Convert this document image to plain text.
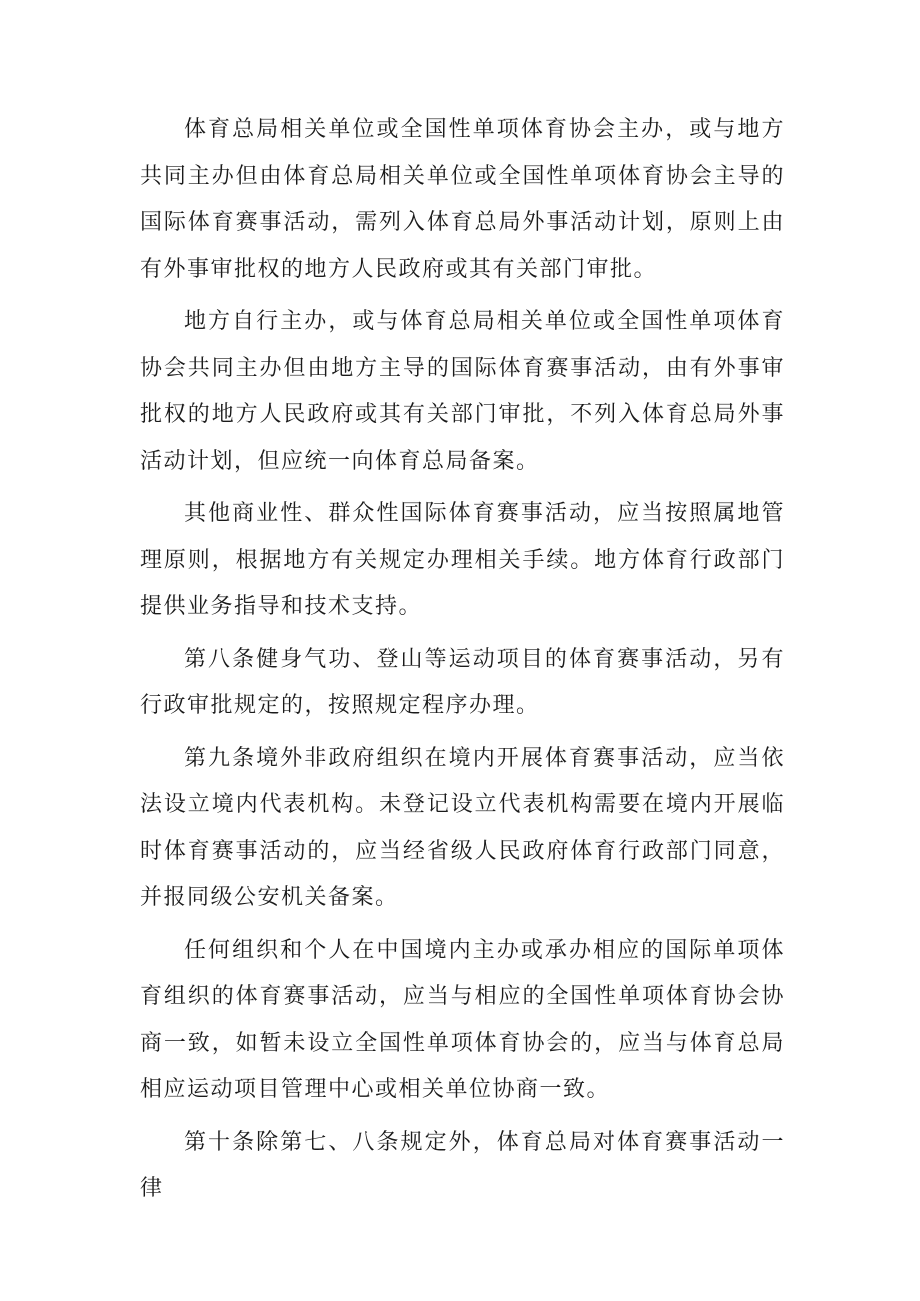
体育总局相关单位或全国性单项体育协会主办，或与地方共同主办但由体育总局相关单位或全国性单项体育协会主导的国际体育赛事活动，需列入体育总局外事活动计划，原则上由有外事审批权的地方人民政府或其有关部门审批。

地方自行主办，或与体育总局相关单位或全国性单项体育协会共同主办但由地方主导的国际体育赛事活动，由有外事审批权的地方人民政府或其有关部门审批，不列入体育总局外事活动计划，但应统一向体育总局备案。

其他商业性、群众性国际体育赛事活动，应当按照属地管理原则，根据地方有关规定办理相关手续。地方体育行政部门提供业务指导和技术支持。

第八条健身气功、登山等运动项目的体育赛事活动，另有行政审批规定的，按照规定程序办理。

第九条境外非政府组织在境内开展体育赛事活动，应当依法设立境内代表机构。未登记设立代表机构需要在境内开展临时体育赛事活动的，应当经省级人民政府体育行政部门同意，并报同级公安机关备案。

任何组织和个人在中国境内主办或承办相应的国际单项体育组织的体育赛事活动，应当与相应的全国性单项体育协会协商一致，如暂未设立全国性单项体育协会的，应当与体育总局相应运动项目管理中心或相关单位协商一致。

第十条除第七、八条规定外，体育总局对体育赛事活动一律
